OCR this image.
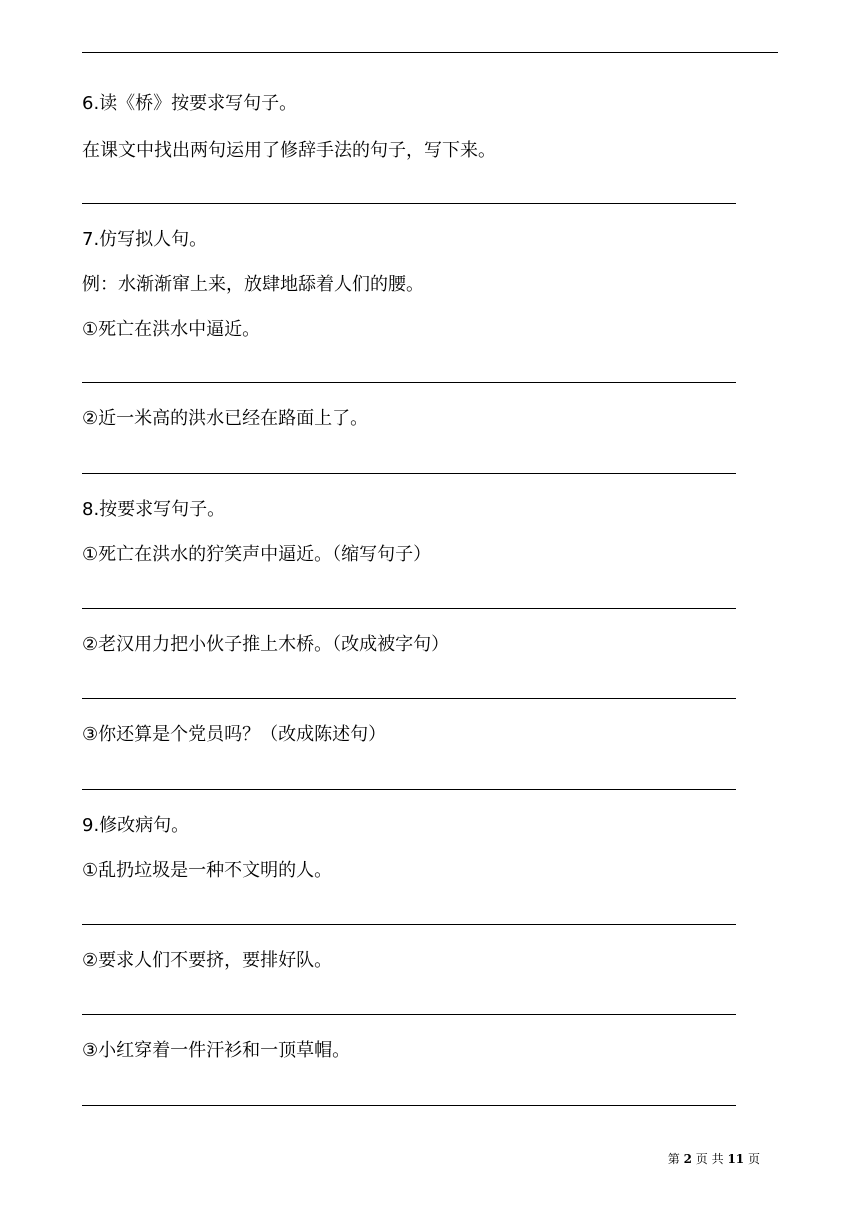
6.读《桥》按要求写句子。
在课文中找出两句运用了修辞手法的句子，写下来。
7.仿写拟人句。
例：水渐渐窜上来，放肆地舔着人们的腰。
①死亡在洪水中逼近。
②近一米高的洪水已经在路面上了。
8.按要求写句子。
①死亡在洪水的狞笑声中逼近。（缩写句子）
②老汉用力把小伙子推上木桥。（改成被字句）
③你还算是个党员吗？（改成陈述句）
9.修改病句。
①乱扔垃圾是一种不文明的人。
②要求人们不要挤，要排好队。
③小红穿着一件汗衫和一顶草帽。
第 2 页 共 11 页
